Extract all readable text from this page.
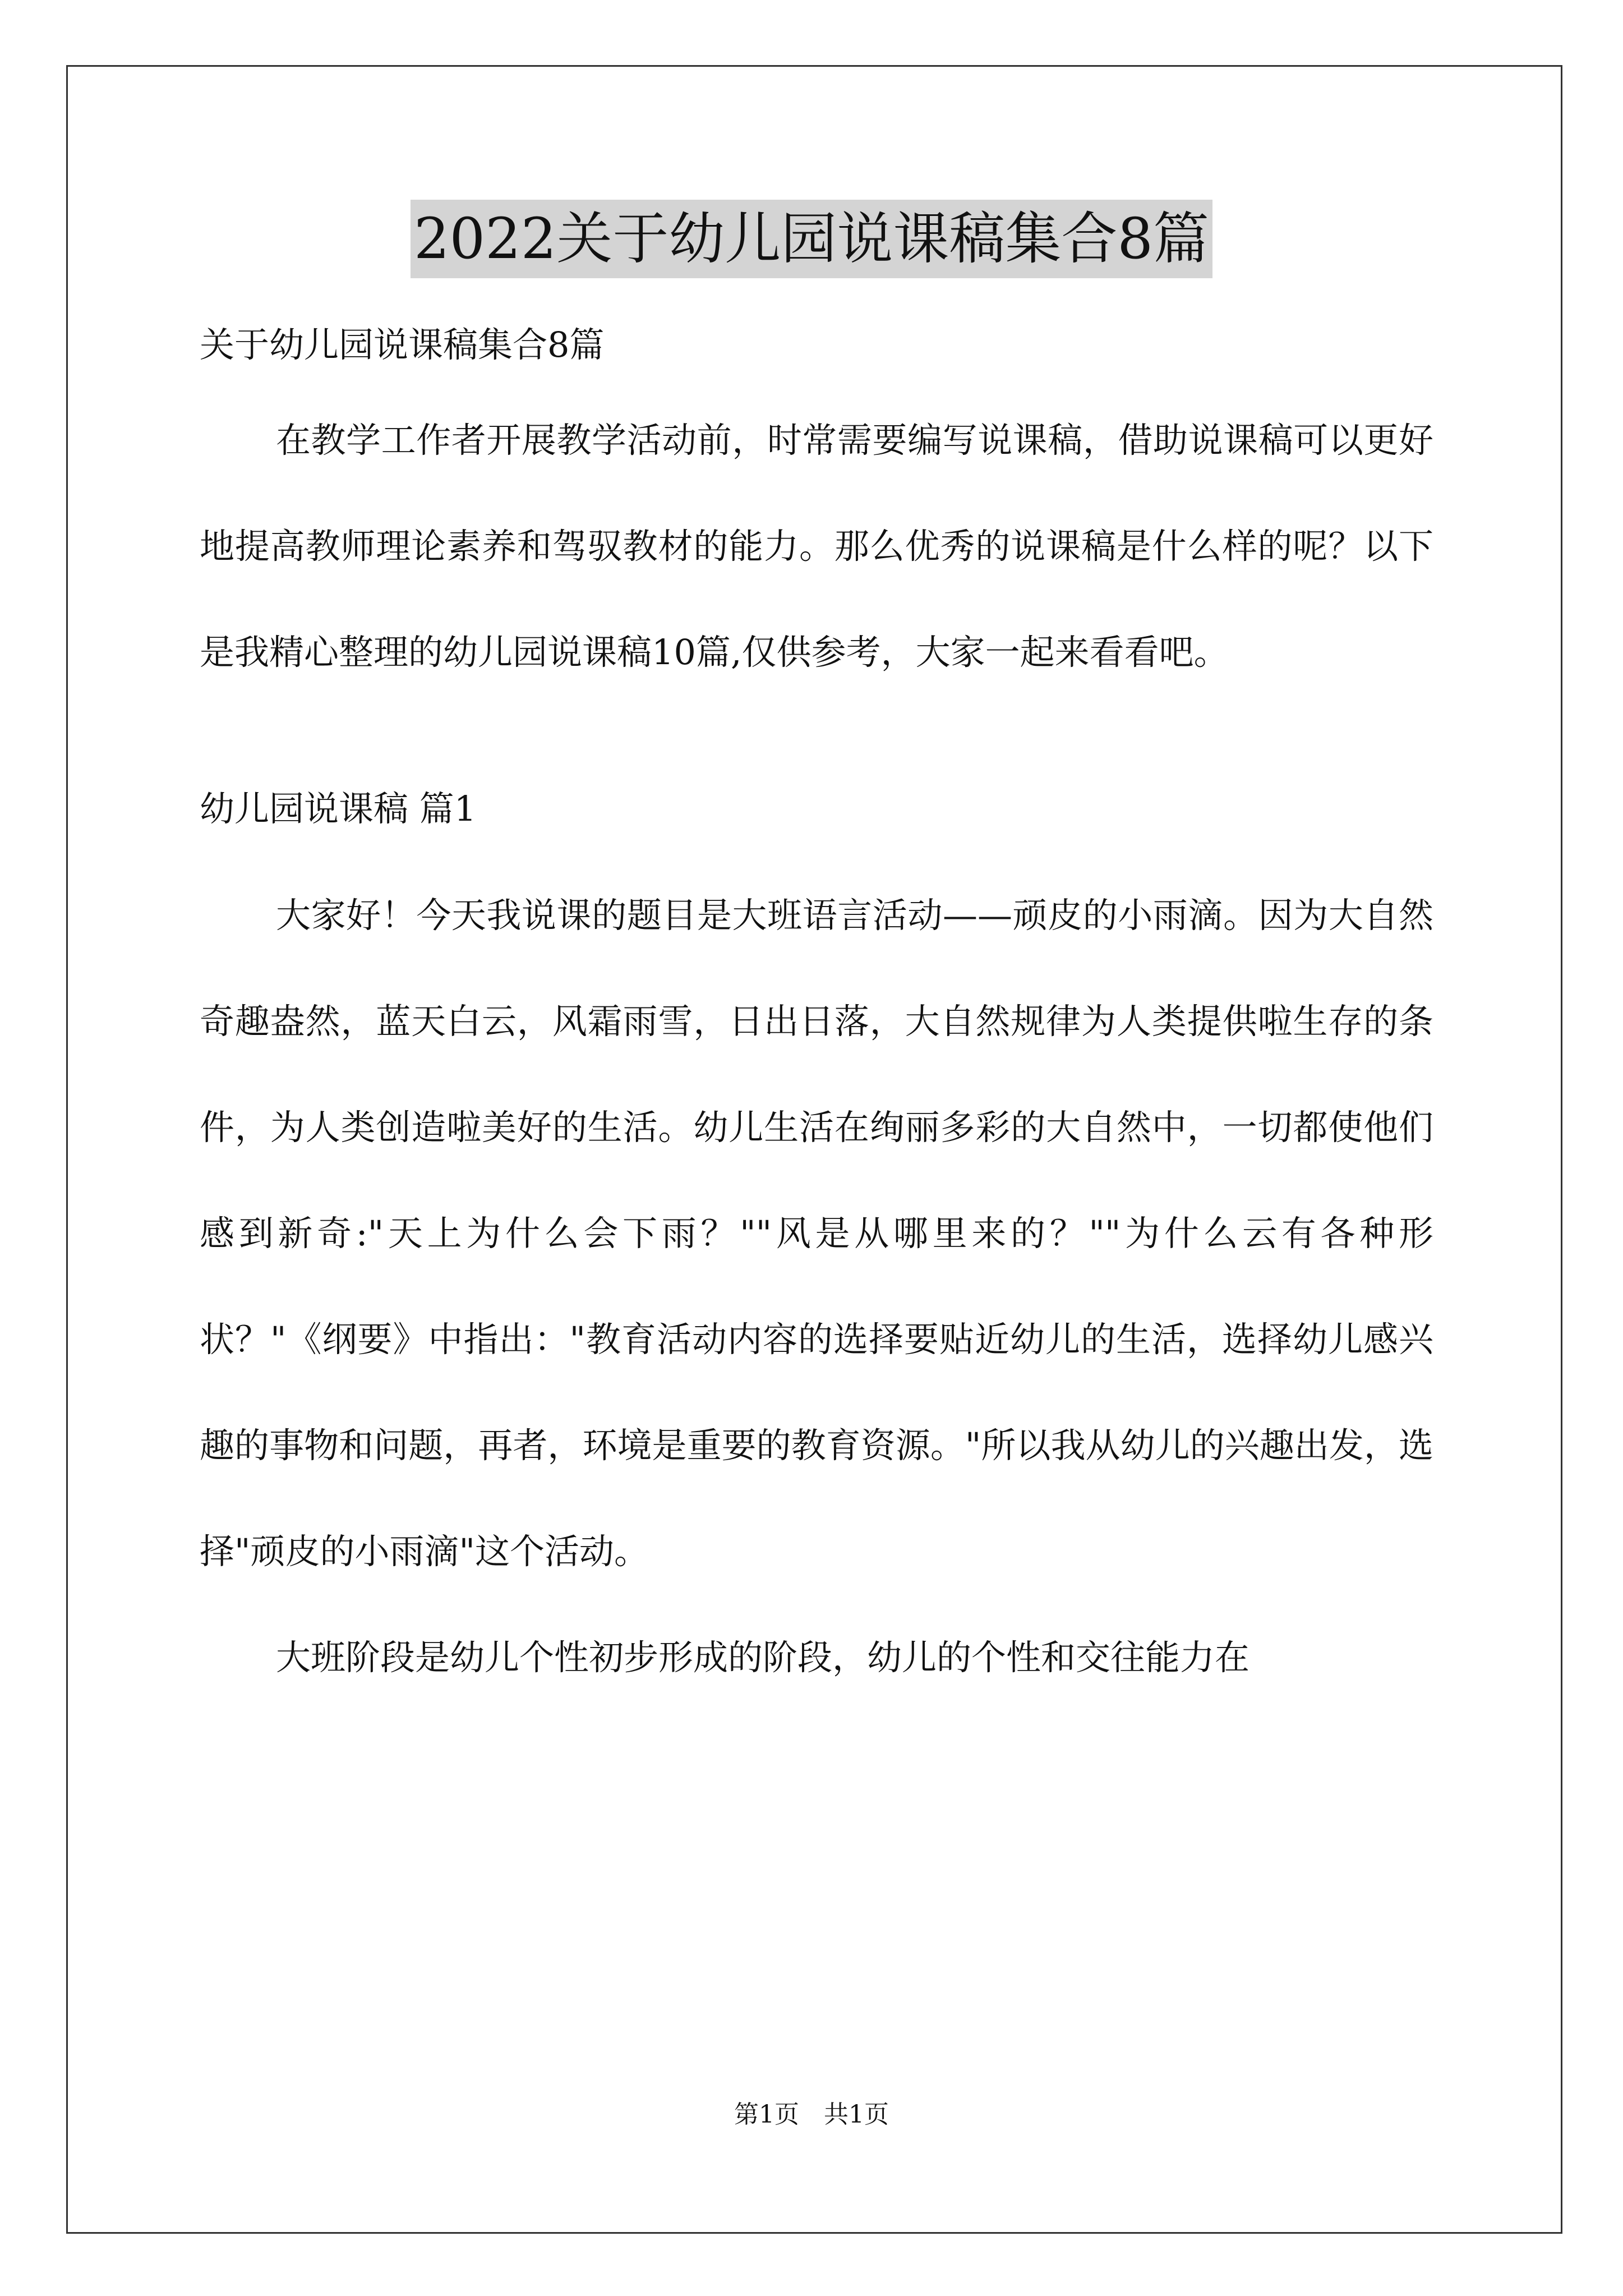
2022关于幼儿园说课稿集合8篇

关于幼儿园说课稿集合8篇

在教学工作者开展教学活动前，时常需要编写说课稿，借助说课稿可以更好地提高教师理论素养和驾驭教材的能力。那么优秀的说课稿是什么样的呢？以下是我精心整理的幼儿园说课稿10篇,仅供参考，大家一起来看看吧。

幼儿园说课稿 篇1

大家好！今天我说课的题目是大班语言活动——顽皮的小雨滴。因为大自然奇趣盎然，蓝天白云，风霜雨雪，日出日落，大自然规律为人类提供啦生存的条件，为人类创造啦美好的生活。幼儿生活在绚丽多彩的大自然中，一切都使他们感到新奇:"天上为什么会下雨？""风是从哪里来的？""为什么云有各种形状？"《纲要》中指出："教育活动内容的选择要贴近幼儿的生活，选择幼儿感兴趣的事物和问题，再者，环境是重要的教育资源。"所以我从幼儿的兴趣出发，选择"顽皮的小雨滴"这个活动。

大班阶段是幼儿个性初步形成的阶段，幼儿的个性和交往能力在

第1页　共1页
